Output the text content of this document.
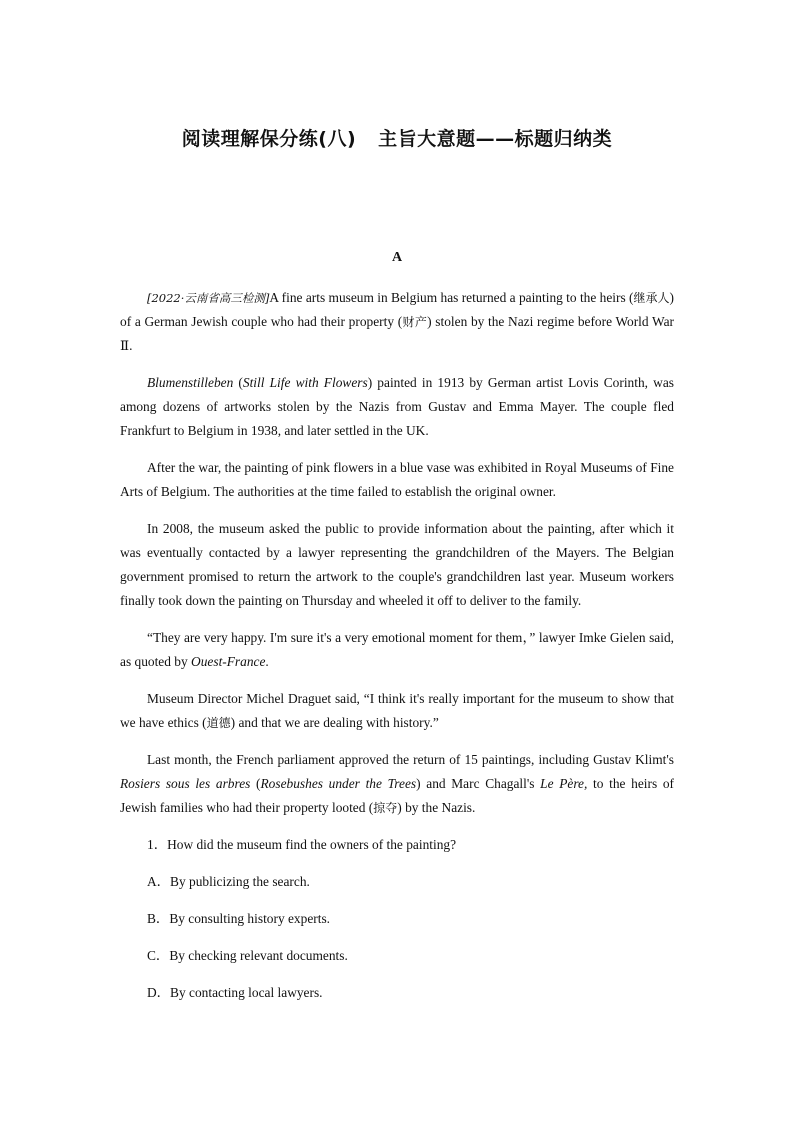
阅读理解保分练(八) 主旨大意题——标题归纳类
A

[2022·云南省高三检测]A fine arts museum in Belgium has returned a painting to the heirs (继承人) of a German Jewish couple who had their property (财产) stolen by the Nazi regime before World War Ⅱ.

Blumenstilleben (Still Life with Flowers) painted in 1913 by German artist Lovis Corinth, was among dozens of artworks stolen by the Nazis from Gustav and Emma Mayer. The couple fled Frankfurt to Belgium in 1938, and later settled in the UK.

After the war, the painting of pink flowers in a blue vase was exhibited in Royal Museums of Fine Arts of Belgium. The authorities at the time failed to establish the original owner.

In 2008, the museum asked the public to provide information about the painting, after which it was eventually contacted by a lawyer representing the grandchildren of the Mayers. The Belgian government promised to return the artwork to the couple's grandchildren last year. Museum workers finally took down the painting on Thursday and wheeled it off to deliver to the family.

“They are very happy. I'm sure it's a very emotional moment for them，” lawyer Imke Gielen said, as quoted by Ouest-France.

Museum Director Michel Draguet said, “I think it's really important for the museum to show that we have ethics (道德) and that we are dealing with history.”

Last month, the French parliament approved the return of 15 paintings, including Gustav Klimt's Rosiers sous les arbres (Rosebushes under the Trees) and Marc Chagall's Le Père, to the heirs of Jewish families who had their property looted (掠夺) by the Nazis.

1．How did the museum find the owners of the painting?

A．By publicizing the search.

B．By consulting history experts.

C．By checking relevant documents.

D．By contacting local lawyers.
